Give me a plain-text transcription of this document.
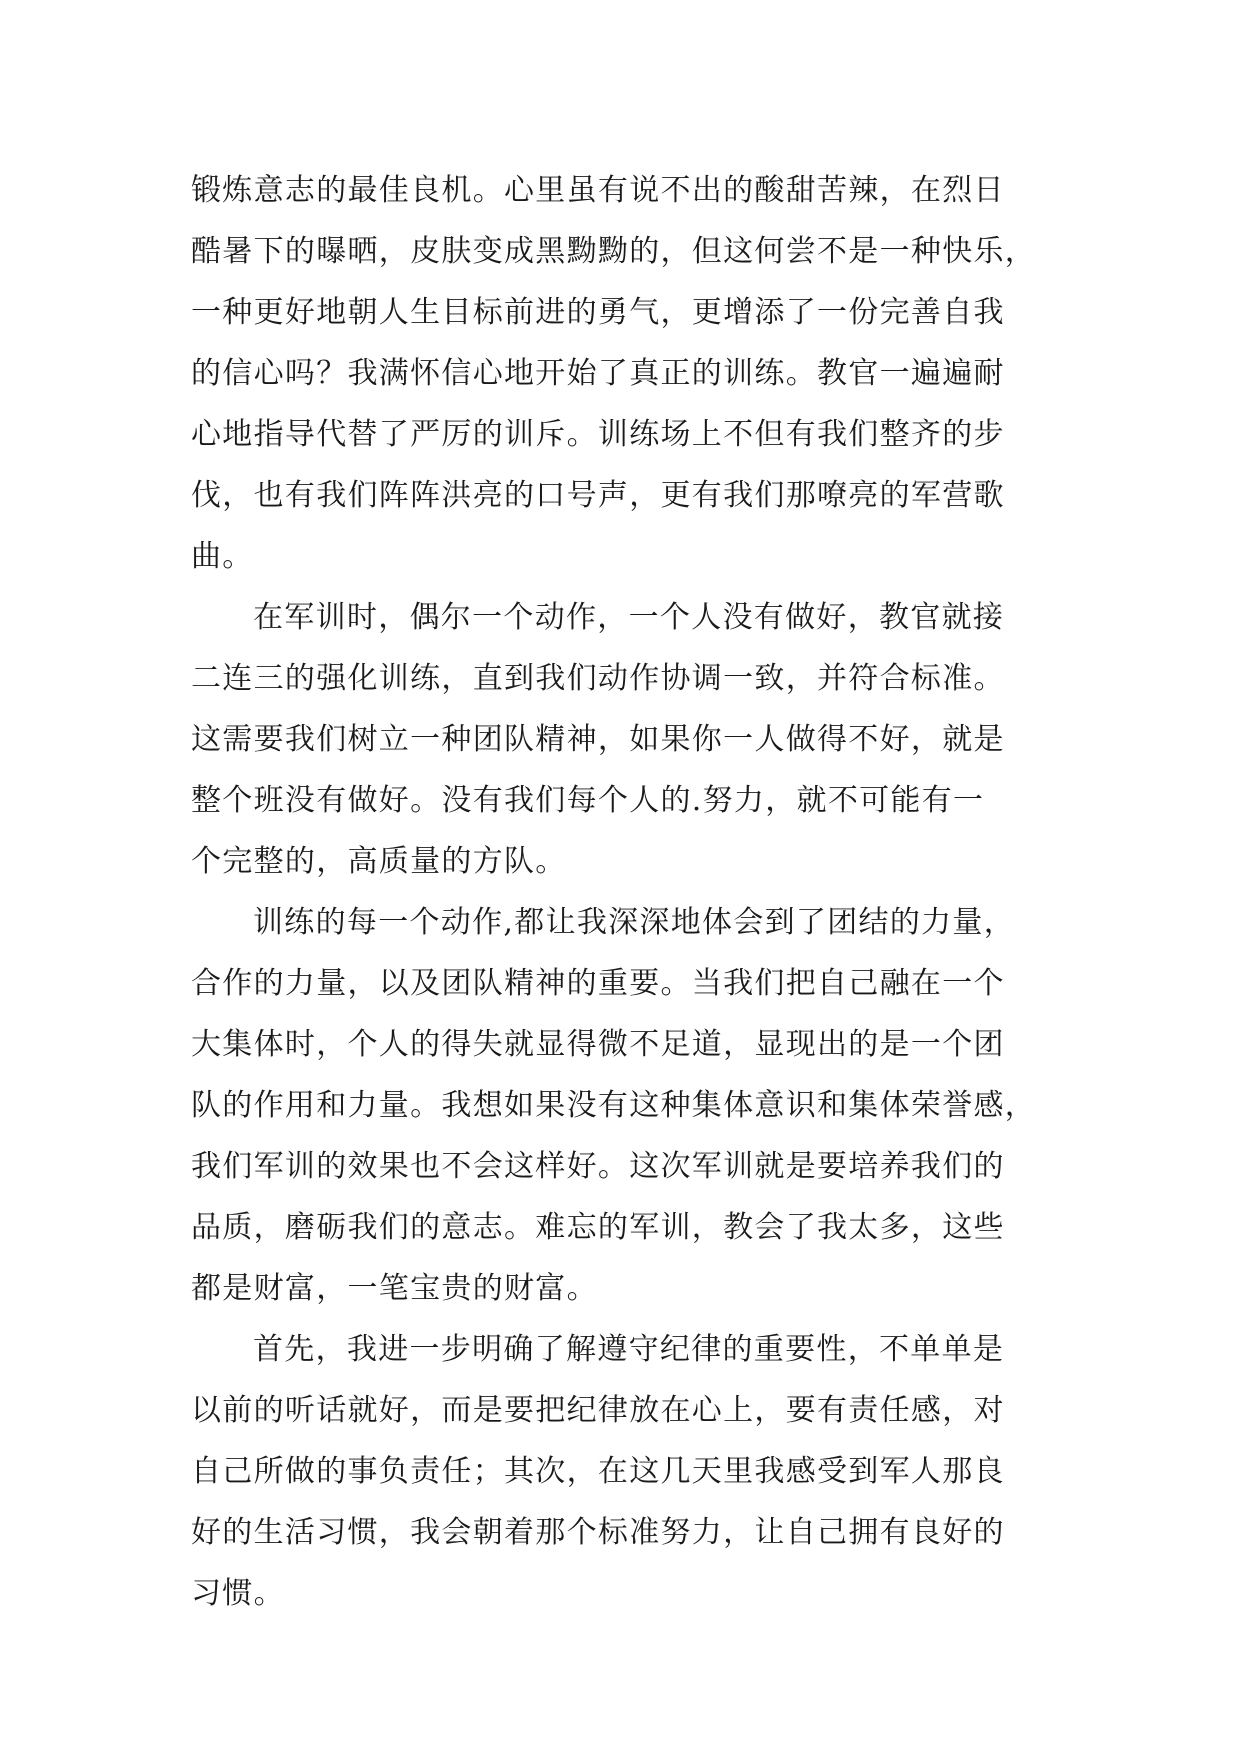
锻炼意志的最佳良机。心里虽有说不出的酸甜苦辣，在烈日
酷暑下的曝晒，皮肤变成黑黝黝的，但这何尝不是一种快乐，
一种更好地朝人生目标前进的勇气，更增添了一份完善自我
的信心吗？我满怀信心地开始了真正的训练。教官一遍遍耐
心地指导代替了严厉的训斥。训练场上不但有我们整齐的步
伐，也有我们阵阵洪亮的口号声，更有我们那嘹亮的军营歌
曲。
在军训时，偶尔一个动作，一个人没有做好，教官就接
二连三的强化训练，直到我们动作协调一致，并符合标准。
这需要我们树立一种团队精神，如果你一人做得不好，就是
整个班没有做好。没有我们每个人的.努力，就不可能有一
个完整的，高质量的方队。
训练的每一个动作,都让我深深地体会到了团结的力量，
合作的力量，以及团队精神的重要。当我们把自己融在一个
大集体时，个人的得失就显得微不足道，显现出的是一个团
队的作用和力量。我想如果没有这种集体意识和集体荣誉感，
我们军训的效果也不会这样好。这次军训就是要培养我们的
品质，磨砺我们的意志。难忘的军训，教会了我太多，这些
都是财富，一笔宝贵的财富。
首先，我进一步明确了解遵守纪律的重要性，不单单是
以前的听话就好，而是要把纪律放在心上，要有责任感，对
自己所做的事负责任；其次，在这几天里我感受到军人那良
好的生活习惯，我会朝着那个标准努力，让自己拥有良好的
习惯。
